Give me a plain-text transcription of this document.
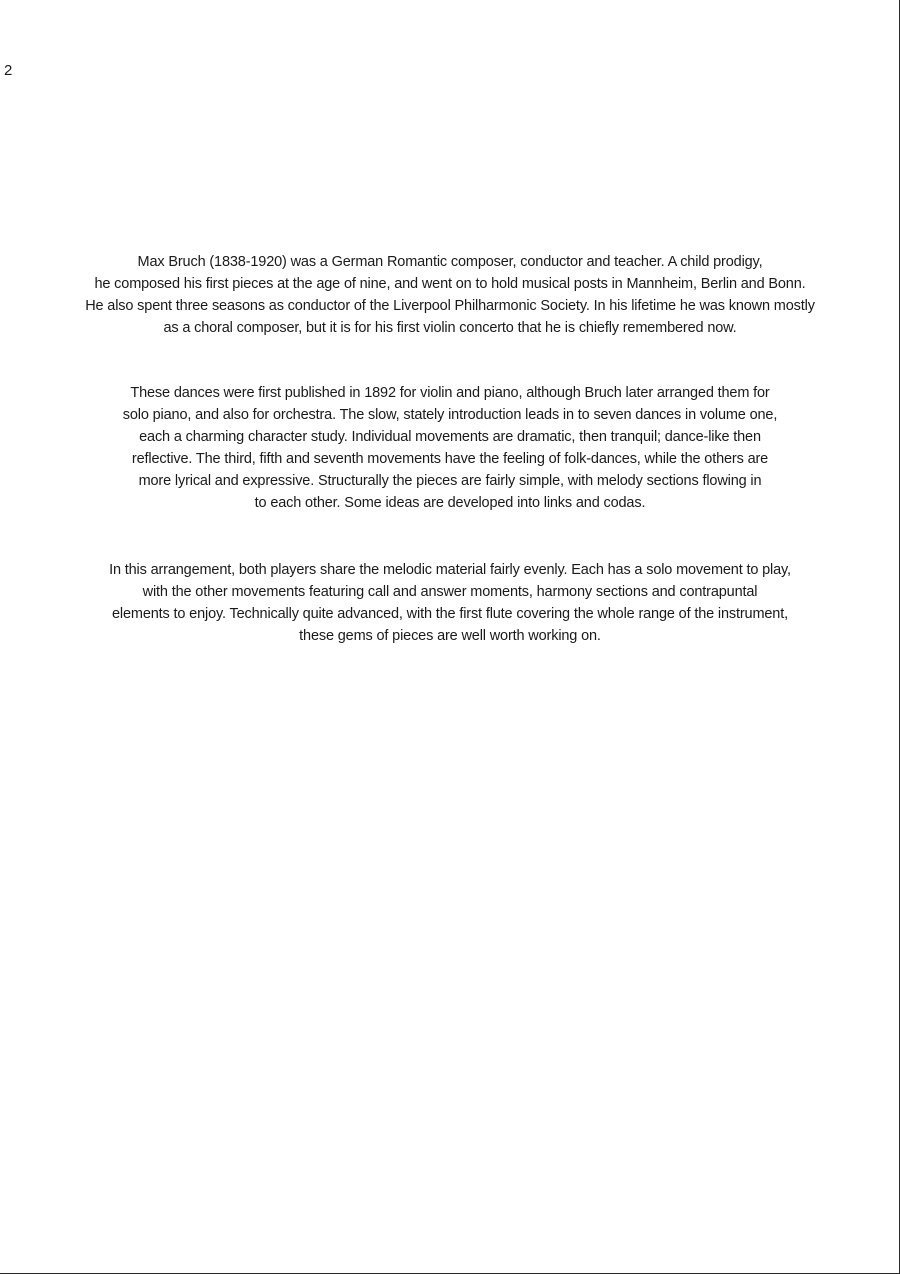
2

Max Bruch (1838-1920) was a German Romantic composer, conductor and teacher. A child prodigy,
he composed his first pieces at the age of nine, and went on to hold musical posts in Mannheim, Berlin and Bonn.
He also spent three seasons as conductor of the Liverpool Philharmonic Society. In his lifetime he was known mostly
as a choral composer, but it is for his first violin concerto that he is chiefly remembered now.

These dances were first published in 1892 for violin and piano, although Bruch later arranged them for
solo piano, and also for orchestra. The slow, stately introduction leads in to seven dances in volume one,
each a charming character study. Individual movements are dramatic, then tranquil; dance-like then
reflective. The third, fifth and seventh movements have the feeling of folk-dances, while the others are
more lyrical and expressive. Structurally the pieces are fairly simple, with melody sections flowing in
to each other. Some ideas are developed into links and codas.

In this arrangement, both players share the melodic material fairly evenly. Each has a solo movement to play,
with the other movements featuring call and answer moments, harmony sections and contrapuntal
elements to enjoy. Technically quite advanced, with the first flute covering the whole range of the instrument,
these gems of pieces are well worth working on.
